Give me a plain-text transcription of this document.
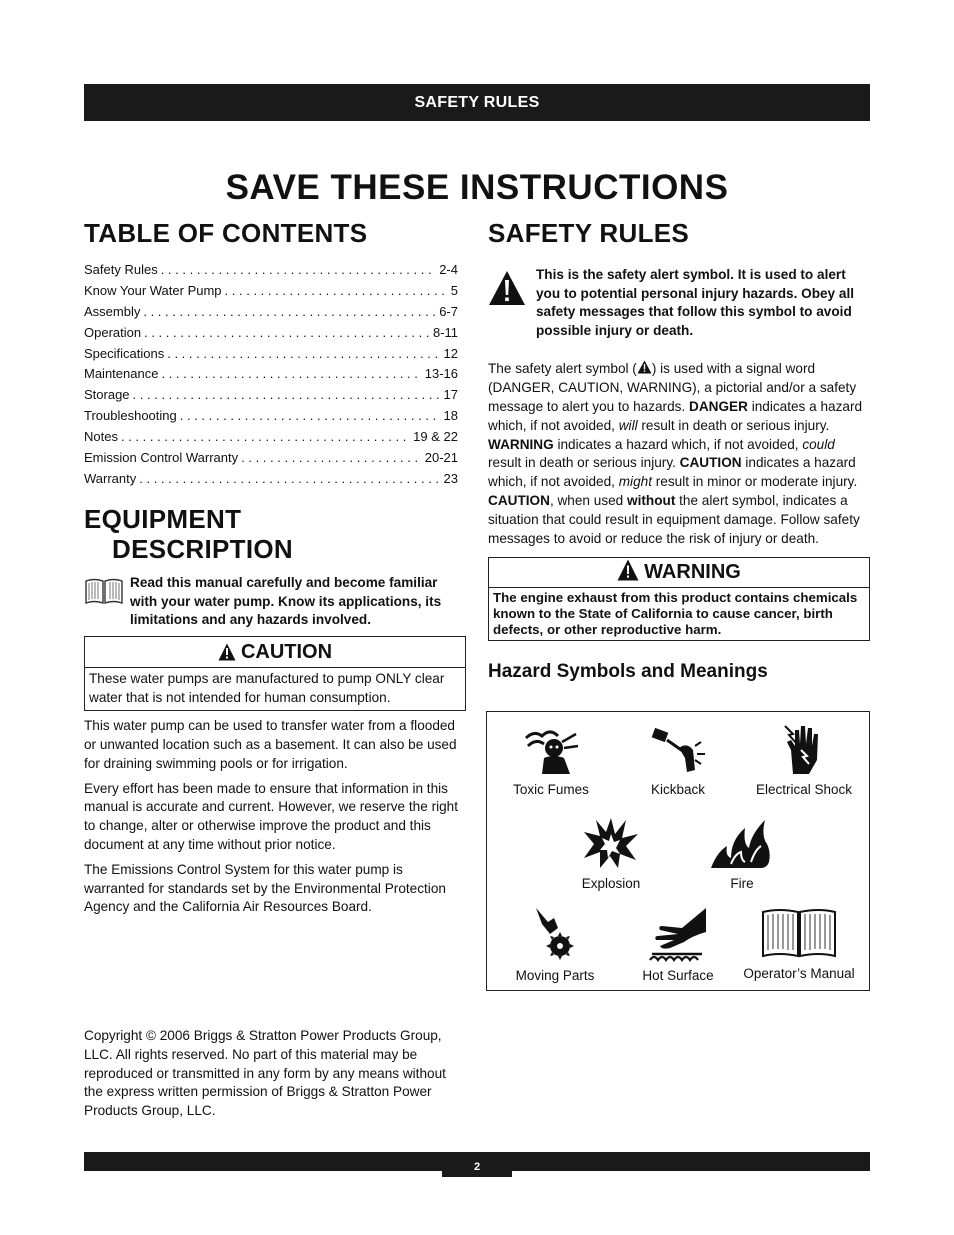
SAFETY RULES
SAVE THESE INSTRUCTIONS
TABLE OF CONTENTS
Safety Rules . . .	2-4
Know Your Water Pump . . .	5
Assembly . . .	6-7
Operation . . .	8-11
Specifications . . .	12
Maintenance . . .	13-16
Storage . . .	17
Troubleshooting . . .	18
Notes . . .	19 & 22
Emission Control Warranty . . .	20-21
Warranty . . .	23
EQUIPMENT
DESCRIPTION

Read this manual carefully and become familiar with your water pump. Know its applications, its limitations and any hazards involved.

CAUTION
These water pumps are manufactured to pump ONLY clear water that is not intended for human consumption.

This water pump can be used to transfer water from a flooded or unwanted location such as a basement. It can also be used for draining swimming pools or for irrigation.

Every effort has been made to ensure that information in this manual is accurate and current. However, we reserve the right to change, alter or otherwise improve the product and this document at any time without prior notice.

The Emissions Control System for this water pump is warranted for standards set by the Environmental Protection Agency and the California Air Resources Board.

SAFETY RULES

This is the safety alert symbol. It is used to alert you to potential personal injury hazards. Obey all safety messages that follow this symbol to avoid possible injury or death.

The safety alert symbol ( ) is used with a signal word (DANGER, CAUTION, WARNING), a pictorial and/or a safety message to alert you to hazards. DANGER indicates a hazard which, if not avoided, will result in death or serious injury. WARNING indicates a hazard which, if not avoided, could result in death or serious injury. CAUTION indicates a hazard which, if not avoided, might result in minor or moderate injury. CAUTION, when used without the alert symbol, indicates a situation that could result in equipment damage. Follow safety messages to avoid or reduce the risk of injury or death.

WARNING
The engine exhaust from this product contains chemicals known to the State of California to cause cancer, birth defects, or other reproductive harm.
Hazard Symbols and Meanings
Toxic Fumes	Kickback	Electrical Shock
Explosion	Fire
Moving Parts	Hot Surface	Operator’s Manual

Copyright © 2006 Briggs & Stratton Power Products Group, LLC. All rights reserved. No part of this material may be reproduced or transmitted in any form by any means without the express written permission of Briggs & Stratton Power Products Group, LLC.

2
